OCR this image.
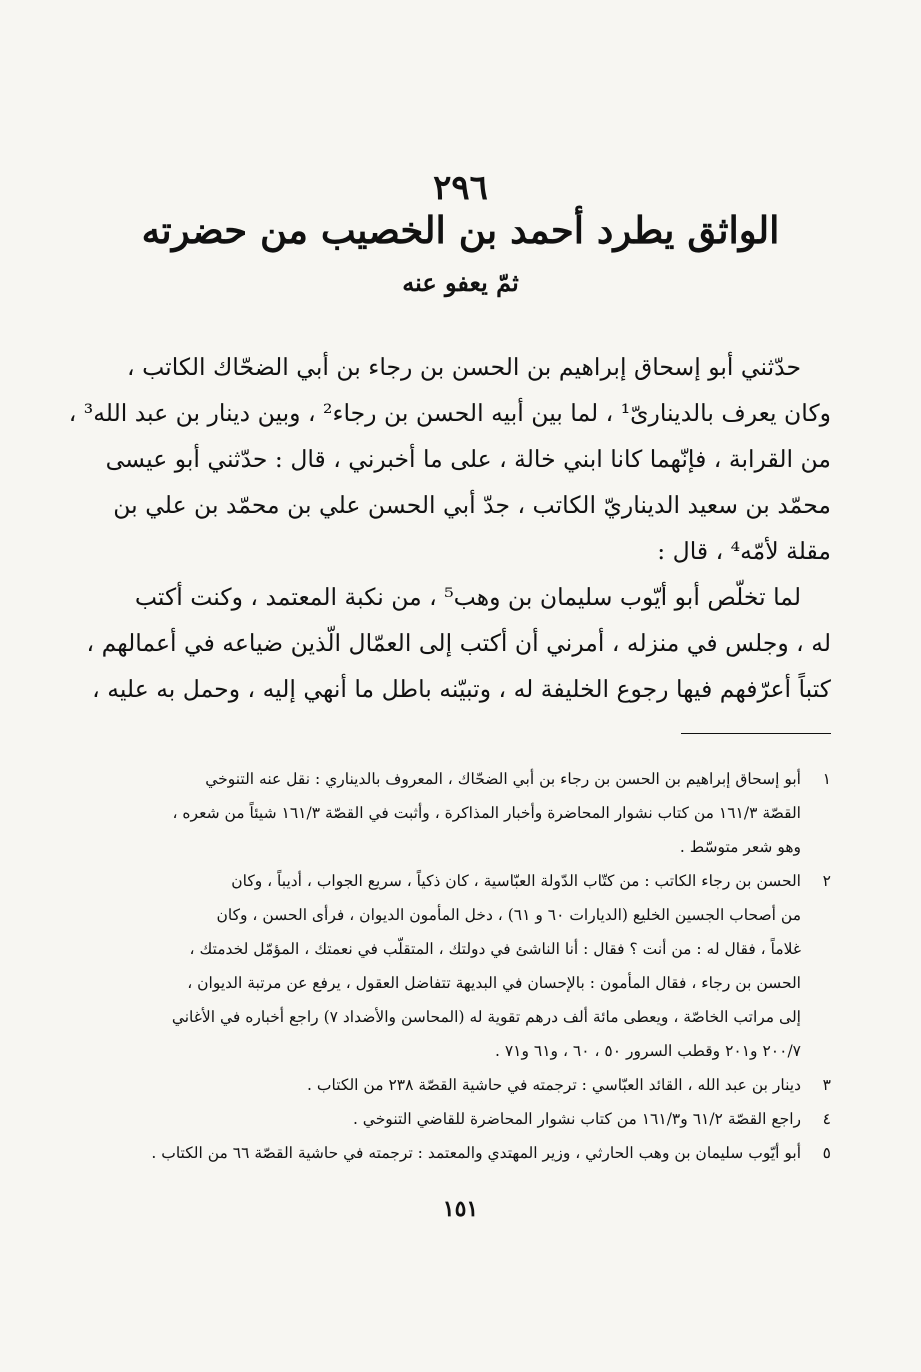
٢٩٦
الواثق يطرد أحمد بن الخصيب من حضرته
ثمّ يعفو عنه
حدّثني أبو إسحاق إبراهيم بن الحسن بن رجاء بن أبي الضحّاك الكاتب ،
وكان يعرف بالدينارىّ¹ ، لما بين أبيه الحسن بن رجاء² ، وبين دينار بن عبد الله³ ،
من القرابة ، فإنّهما كانا ابني خالة ، على ما أخبرني ، قال : حدّثني أبو عيسى
محمّد بن سعيد الديناريّ الكاتب ، جدّ أبي الحسن علي بن محمّد بن علي بن
مقلة لأمّه⁴ ، قال :
لما تخلّص أبو أيّوب سليمان بن وهب⁵ ، من نكبة المعتمد ، وكنت أكتب
له ، وجلس في منزله ، أمرني أن أكتب إلى العمّال الّذين ضياعه في أعمالهم ،
كتباً أعرّفهم فيها رجوع الخليفة له ، وتبيّنه باطل ما أنهي إليه ، وحمل به عليه ،
١
أبو إسحاق إبراهيم بن الحسن بن رجاء بن أبي الضحّاك ، المعروف بالديناري : نقل عنه التنوخي
القصّة ١٦١/٣ من كتاب نشوار المحاضرة وأخبار المذاكرة ، وأثبت في القصّة ١٦١/٣ شيئاً من شعره ،
وهو شعر متوسّط .
٢
الحسن بن رجاء الكاتب : من كتّاب الدّولة العبّاسية ، كان ذكياً ، سريع الجواب ، أديباً ، وكان
من أصحاب الجسين الخليع (الديارات ٦٠ و ٦١) ، دخل المأمون الديوان ، فرأى الحسن ، وكان
غلاماً ، فقال له : من أنت ؟ فقال : أنا الناشئ في دولتك ، المتقلّب في نعمتك ، المؤمّل لخدمتك ،
الحسن بن رجاء ، فقال المأمون : بالإحسان في البديهة تتفاضل العقول ، يرفع عن مرتبة الديوان ،
إلى مراتب الخاصّة ، ويعطى مائة ألف درهم تقوية له (المحاسن والأضداد ٧) راجع أخباره في الأغاني
٢٠٠/٧ و٢٠١ وقطب السرور ٥٠ ، ٦٠ ، و٦١ و٧١ .
٣
دينار بن عبد الله ، القائد العبّاسي : ترجمته في حاشية القصّة ٢٣٨ من الكتاب .
٤
راجع القصّة ٦١/٢ و١٦١/٣ من كتاب نشوار المحاضرة للقاضي التنوخي .
٥
أبو أيّوب سليمان بن وهب الحارثي ، وزير المهتدي والمعتمد : ترجمته في حاشية القصّة ٦٦ من الكتاب .
١٥١
